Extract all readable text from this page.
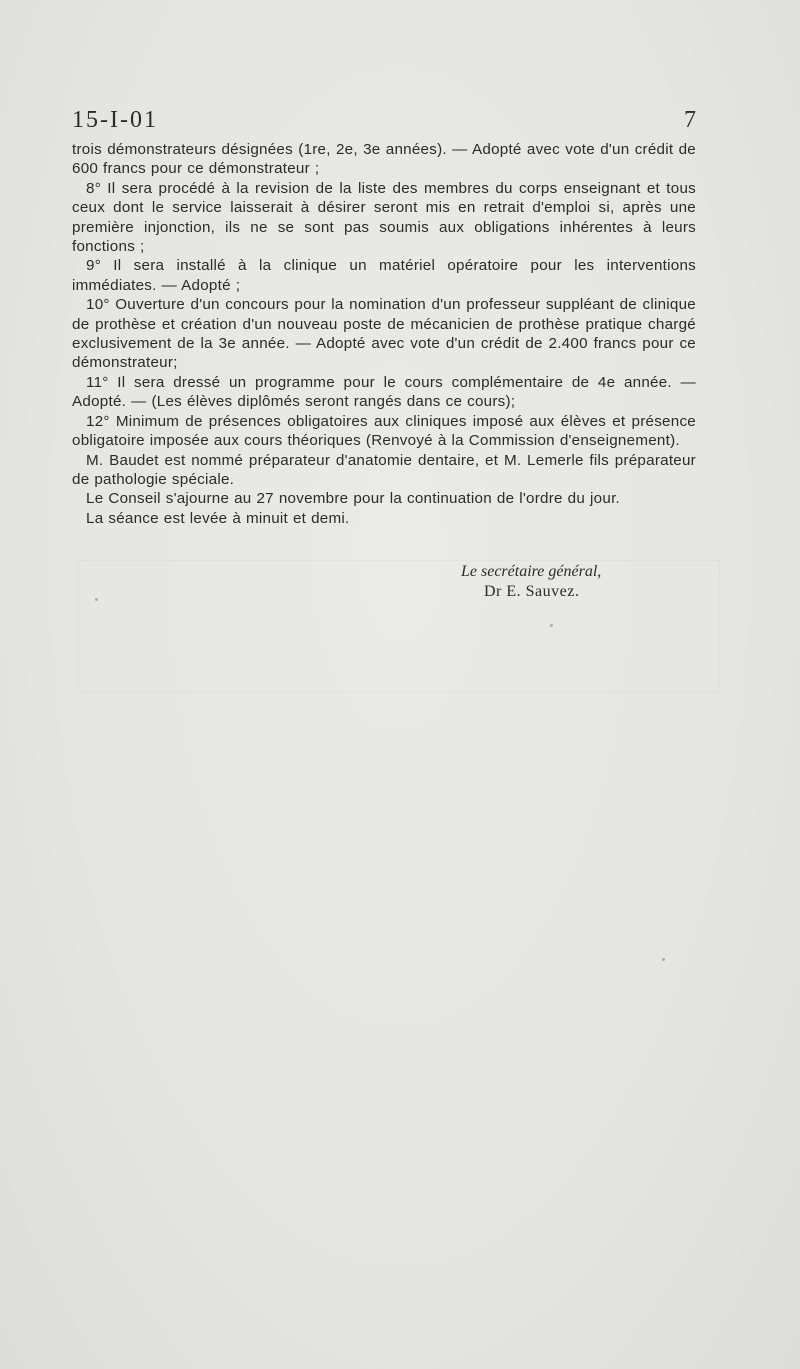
15-I-01	7

trois démonstrateurs désignées (1re, 2e, 3e années). — Adopté avec vote d'un crédit de 600 francs pour ce démonstrateur ;

8° Il sera procédé à la revision de la liste des membres du corps enseignant et tous ceux dont le service laisserait à désirer seront mis en retrait d'emploi si, après une première injonction, ils ne se sont pas soumis aux obligations inhérentes à leurs fonctions ;

9° Il sera installé à la clinique un matériel opératoire pour les interventions immédiates. — Adopté ;

10° Ouverture d'un concours pour la nomination d'un professeur suppléant de clinique de prothèse et création d'un nouveau poste de mécanicien de prothèse pratique chargé exclusivement de la 3e année. — Adopté avec vote d'un crédit de 2.400 francs pour ce démonstrateur;

11° Il sera dressé un programme pour le cours complémentaire de 4e année. — Adopté. — (Les élèves diplômés seront rangés dans ce cours);

12° Minimum de présences obligatoires aux cliniques imposé aux élèves et présence obligatoire imposée aux cours théoriques (Renvoyé à la Commission d'enseignement).

M. Baudet est nommé préparateur d'anatomie dentaire, et M. Lemerle fils préparateur de pathologie spéciale.

Le Conseil s'ajourne au 27 novembre pour la continuation de l'ordre du jour.

La séance est levée à minuit et demi.

Le secrétaire général,
Dr E. Sauvez.
